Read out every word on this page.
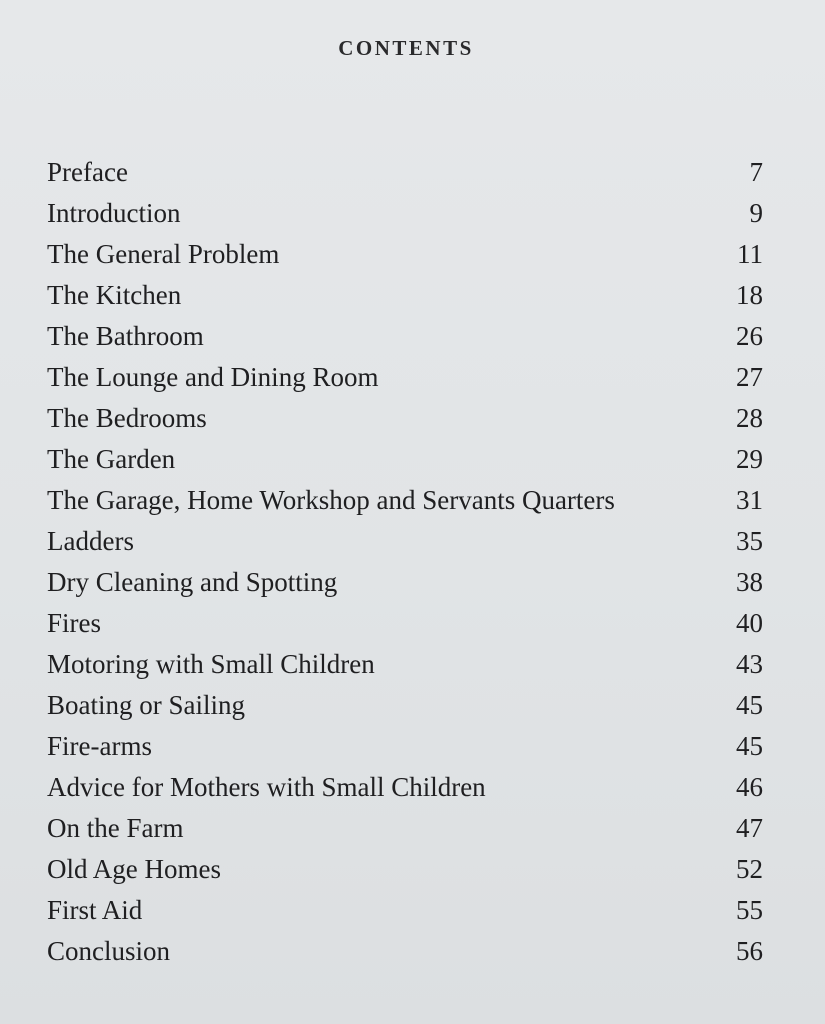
CONTENTS
Preface	7
Introduction	9
The General Problem	11
The Kitchen	18
The Bathroom	26
The Lounge and Dining Room	27
The Bedrooms	28
The Garden	29
The Garage, Home Workshop and Servants Quarters	31
Ladders	35
Dry Cleaning and Spotting	38
Fires	40
Motoring with Small Children	43
Boating or Sailing	45
Fire-arms	45
Advice for Mothers with Small Children	46
On the Farm	47
Old Age Homes	52
First Aid	55
Conclusion	56
